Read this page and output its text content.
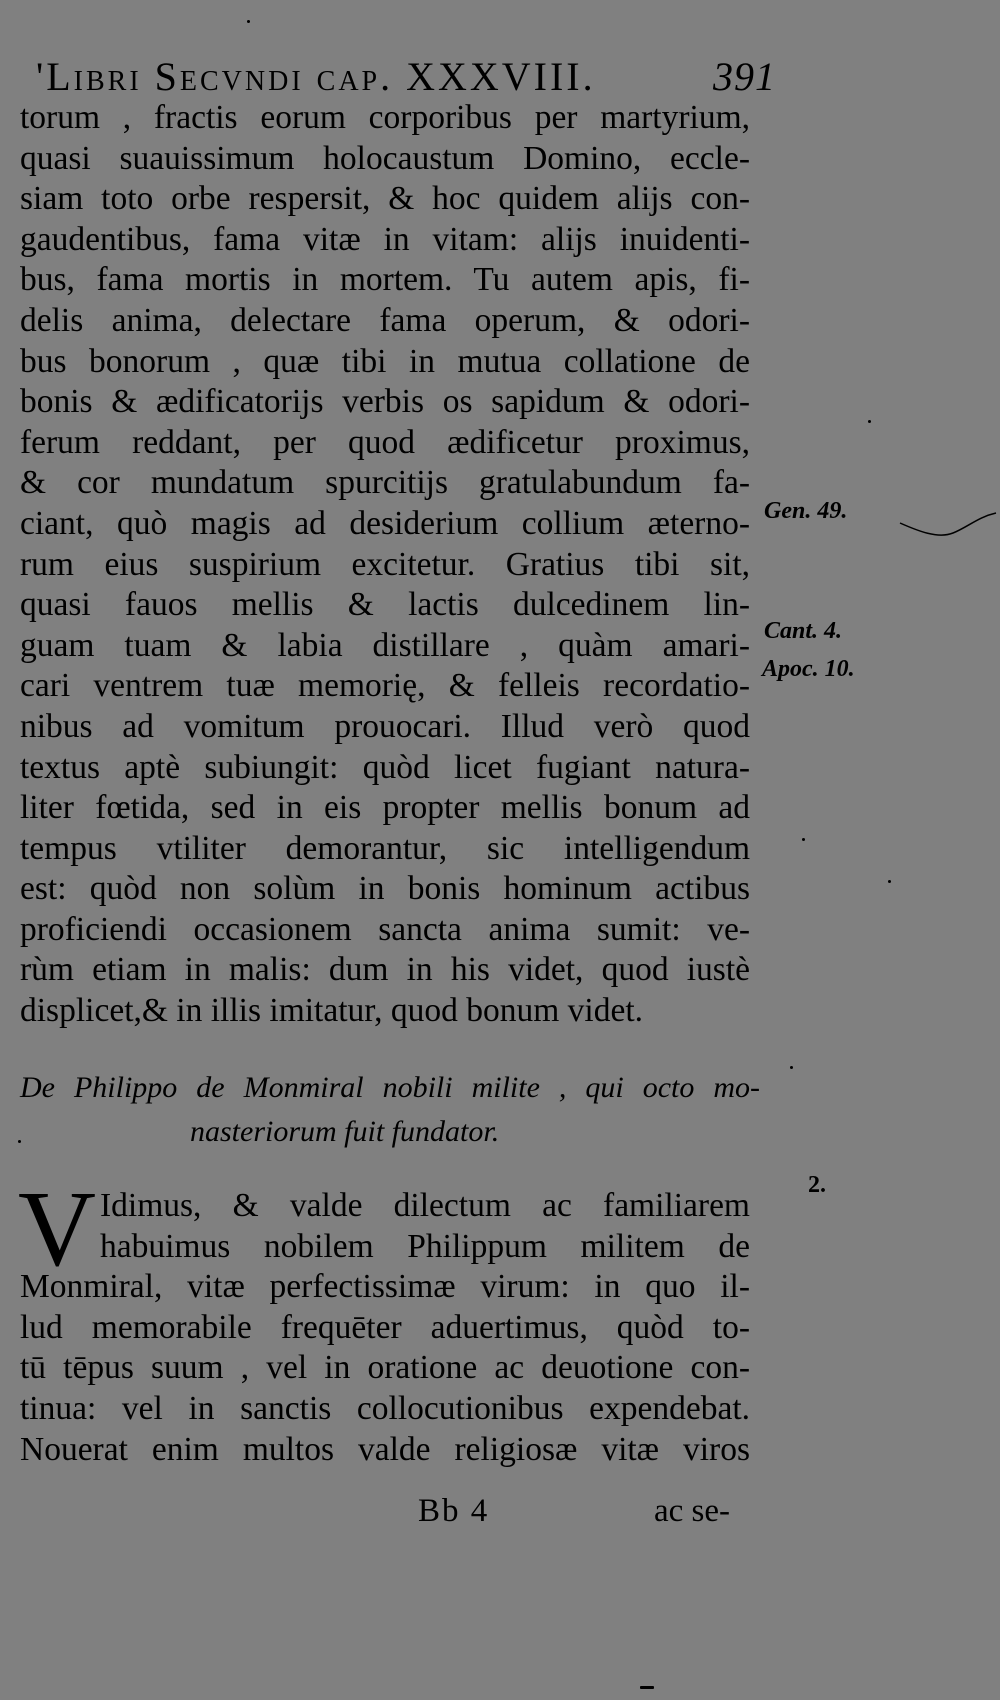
'Libri Secvndi cap. XXXVIII.	391
torum , fractis eorum corporibus per martyrium,
quasi suauissimum holocaustum Domino, eccle-
siam toto orbe respersit, & hoc quidem alijs con-
gaudentibus, fama vitæ in vitam: alijs inuidenti-
bus, fama mortis in mortem. Tu autem apis, fi-
delis anima, delectare fama operum, & odori-
bus bonorum , quæ tibi in mutua collatione de
bonis & ædificatorijs verbis os sapidum & odori-
ferum reddant, per quod ædificetur proximus,
& cor mundatum spurcitijs gratulabundum fa-
ciant, quò magis ad desiderium collium æterno-
rum eius suspirium excitetur. Gratius tibi sit,
quasi fauos mellis & lactis dulcedinem lin-
guam tuam & labia distillare , quàm amari-
cari ventrem tuæ memorię, & felleis recordatio-
nibus ad vomitum prouocari. Illud verò quod
textus aptè subiungit: quòd licet fugiant natura-
liter fœtida, sed in eis propter mellis bonum ad
tempus vtiliter demorantur, sic intelligendum
est: quòd non solùm in bonis hominum actibus
proficiendi occasionem sancta anima sumit: ve-
rùm etiam in malis: dum in his videt, quod iustè
displicet,& in illis imitatur, quod bonum videt.
Gen. 49.
Cant. 4.
Apoc. 10.
De Philippo de Monmiral nobili milite , qui octo mo-
nasteriorum fuit fundator.
2.
V Idimus, & valde dilectum ac familiarem
habuimus nobilem Philippum militem de
Monmiral, vitæ perfectissimæ virum: in quo il-
lud memorabile frequēter aduertimus, quòd to-
tū tēpus suum , vel in oratione ac deuotione con-
tinua: vel in sanctis collocutionibus expendebat.
Nouerat enim multos valde religiosæ vitæ viros
Bb 4	ac se-
